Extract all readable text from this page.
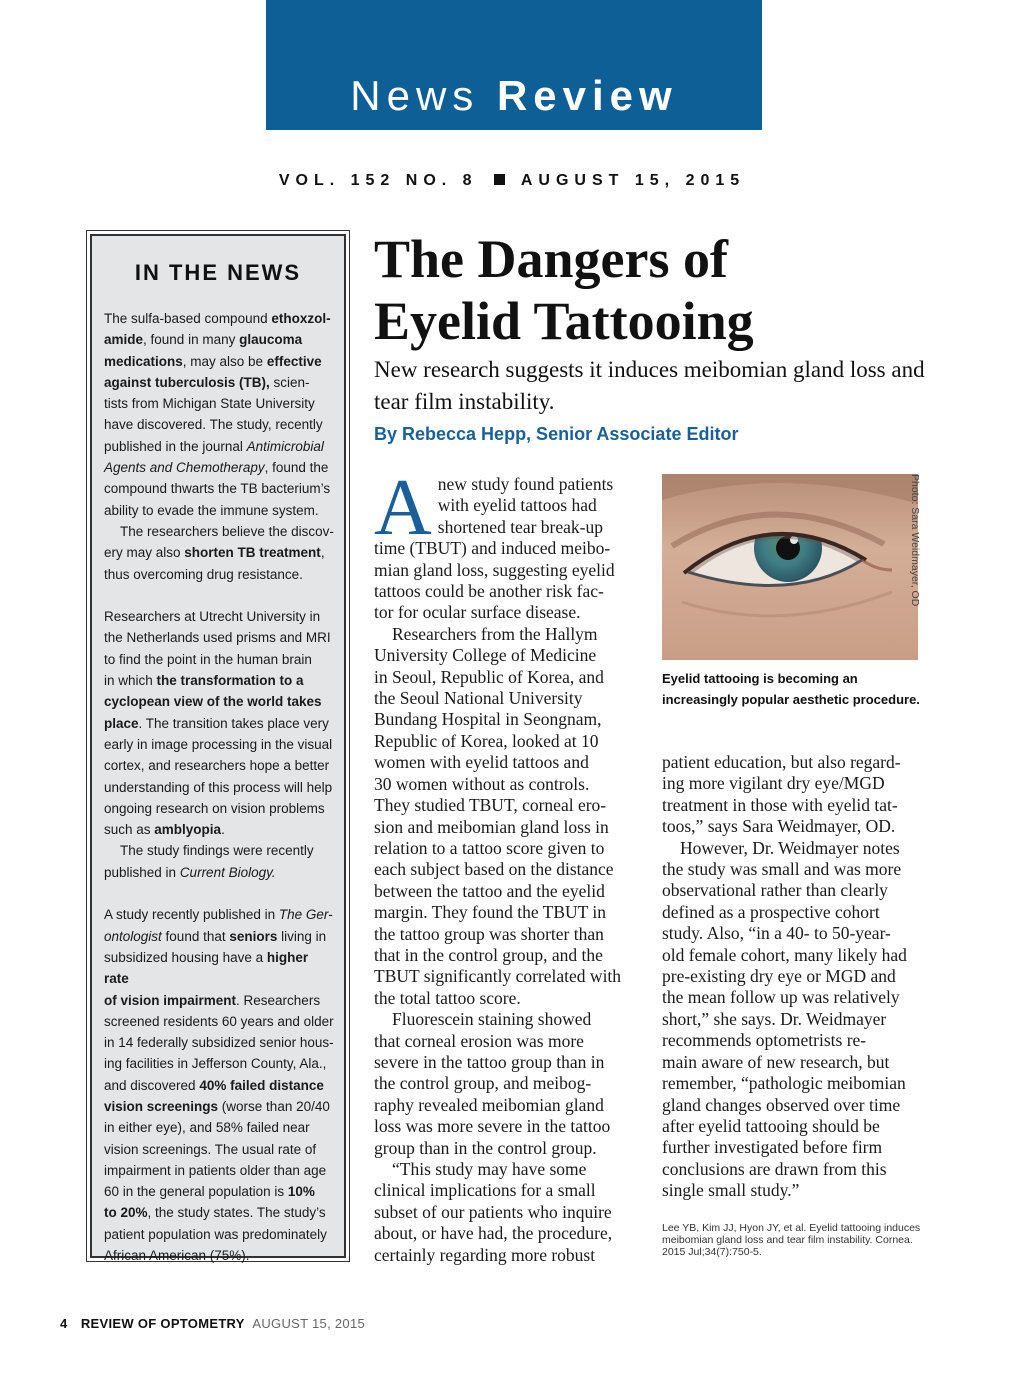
News Review
VOL. 152 NO. 8	AUGUST 15, 2015
IN THE NEWS

The sulfa-based compound ethoxzol-
amide, found in many glaucoma
medications, may also be effective
against tuberculosis (TB), scien-
tists from Michigan State University
have discovered. The study, recently
published in the journal Antimicrobial
Agents and Chemotherapy, found the
compound thwarts the TB bacterium’s
ability to evade the immune system.

The researchers believe the discov-
ery may also shorten TB treatment,
thus overcoming drug resistance.

Researchers at Utrecht University in
the Netherlands used prisms and MRI
to find the point in the human brain
in which the transformation to a
cyclopean view of the world takes
place. The transition takes place very
early in image processing in the visual
cortex, and researchers hope a better
understanding of this process will help
ongoing research on vision problems
such as amblyopia.

The study findings were recently
published in Current Biology.

A study recently published in The Ger-
ontologist found that seniors living in
subsidized housing have a higher rate
of vision impairment. Researchers
screened residents 60 years and older
in 14 federally subsidized senior hous-
ing facilities in Jefferson County, Ala.,
and discovered 40% failed distance
vision screenings (worse than 20/40
in either eye), and 58% failed near
vision screenings. The usual rate of
impairment in patients older than age
60 in the general population is 10%
to 20%, the study states. The study’s
patient population was predominately
African American (75%).

The Dangers of
Eyelid Tattooing
New research suggests it induces meibomian gland loss and tear film instability.
By Rebecca Hepp, Senior Associate Editor
A new study found patients
with eyelid tattoos had
shortened tear break-up
time (TBUT) and induced meibo-
mian gland loss, suggesting eyelid
tattoos could be another risk fac-
tor for ocular surface disease.

Researchers from the Hallym
University College of Medicine
in Seoul, Republic of Korea, and
the Seoul National University
Bundang Hospital in Seongnam,
Republic of Korea, looked at 10
women with eyelid tattoos and
30 women without as controls.
They studied TBUT, corneal ero-
sion and meibomian gland loss in
relation to a tattoo score given to
each subject based on the distance
between the tattoo and the eyelid
margin. They found the TBUT in
the tattoo group was shorter than
that in the control group, and the
TBUT significantly correlated with
the total tattoo score.

Fluorescein staining showed
that corneal erosion was more
severe in the tattoo group than in
the control group, and meibog-
raphy revealed meibomian gland
loss was more severe in the tattoo
group than in the control group.

“This study may have some
clinical implications for a small
subset of our patients who inquire
about, or have had, the procedure,
certainly regarding more robust

Photo: Sara Weidmayer, OD
Eyelid tattooing is becoming an increasingly popular aesthetic procedure.

patient education, but also regard-
ing more vigilant dry eye/MGD
treatment in those with eyelid tat-
toos,” says Sara Weidmayer, OD.

However, Dr. Weidmayer notes
the study was small and was more
observational rather than clearly
defined as a prospective cohort
study. Also, “in a 40- to 50-year-
old female cohort, many likely had
pre-existing dry eye or MGD and
the mean follow up was relatively
short,” she says. Dr. Weidmayer
recommends optometrists re-
main aware of new research, but
remember, “pathologic meibomian
gland changes observed over time
after eyelid tattooing should be
further investigated before firm
conclusions are drawn from this
single small study.”

Lee YB, Kim JJ, Hyon JY, et al. Eyelid tattooing induces meibomian gland loss and tear film instability. Cornea. 2015 Jul;34(7):750-5.
4 REVIEW OF OPTOMETRY AUGUST 15, 2015
